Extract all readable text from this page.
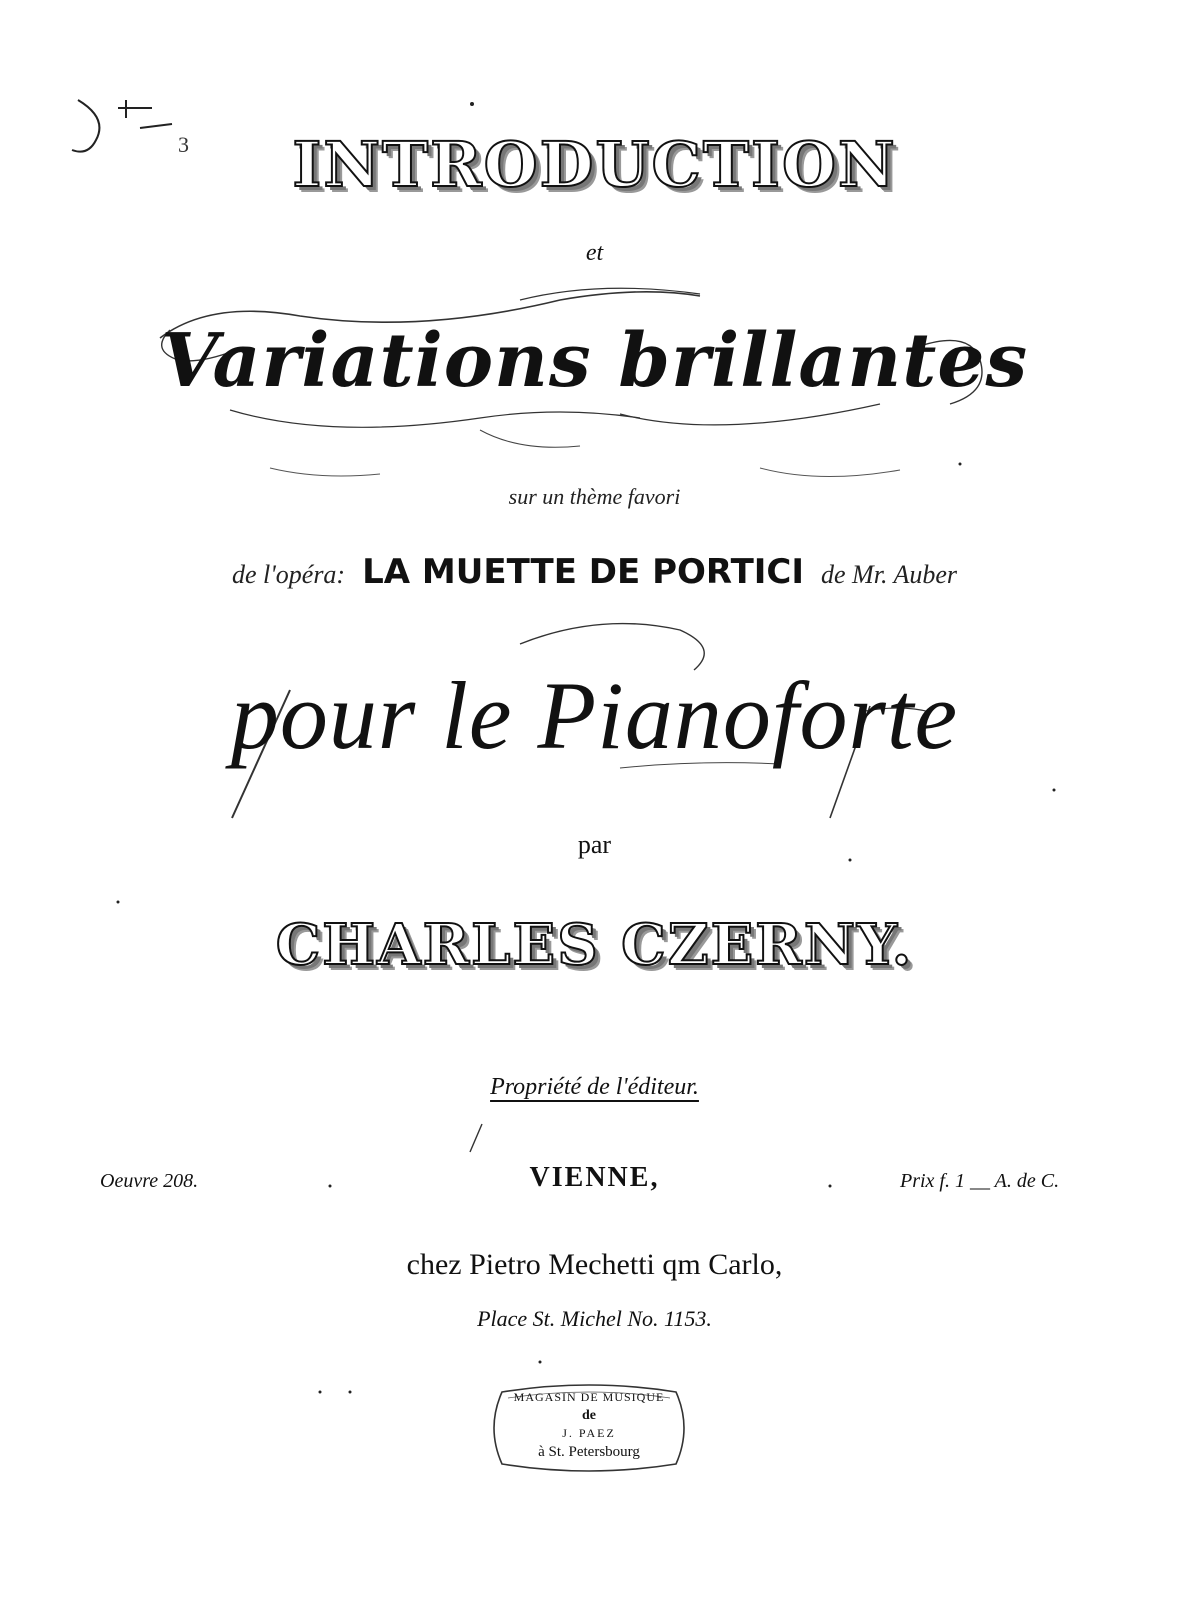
INTRODUCTION
et
Variations brillantes
sur un thème favori
de l'opéra: LA MUETTE DE PORTICI de Mr. Auber
pour le Pianoforte
par
CHARLES CZERNY.
Propriété de l'éditeur.
Oeuvre 208.	VIENNE,	Prix f. 1 __ A. de C.
chez Pietro Mechetti qm Carlo,
Place St. Michel No. 1153.
MAGASIN DE MUSIQUE
de
J. PAEZ
à St. Petersbourg
3
